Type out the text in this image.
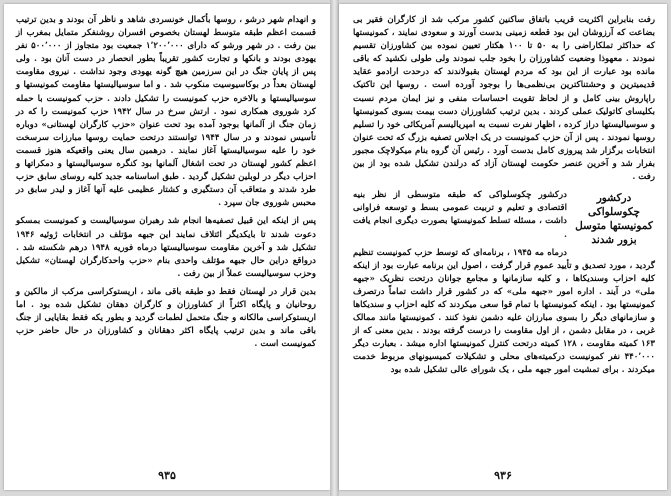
و انهدام شهر درشو ، روسها بأکمال خونسردی شاهد و ناظر آن بودند و بدین ترتیب قسمت اعظم طبقه متوسط لهستان بخصوص افسران روشنفکر متمایل بمغرب از بین رفت . در شهر ورشو که دارای ۱٬۲۰۰٬۰۰۰ جمعیت بود متجاوز از ۵۰۰٬۰۰۰ نفر یهودی بودند و بانکها و تجارت کشور تقریباً بطور انحصار در دست آنان بود . ولی پس از پایان جنگ در این سرزمین هیچ گونه یهودی وجود نداشت . نیروی مقاومت لهستان بعداً در بوکاسیوسیت منکوب شد . و اما سوسیالیستها مقاومت کمونیستها و سوسیالیستها و بالاخره حزب کمونیست را تشکیل دادند . حزب کمونیست با حمله کرد شوروی همکاری نمود . ارتش سرخ در سال ۱۹۴۲ حزب کمونیست را که در زمان جنگ از آلمانها بوجود آمده بود تحت عنوان «حزب کارگران لهستانی» دوباره تأسیس نمودند و در سال ۱۹۴۴ توانستند درتحت حمایت روسها مبارزات سرسخت خود را علیه سوسیالیستها آغاز نمایند . درهمین سال یعنی واقعیکه هنوز قسمت اعظم کشور لهستان در تحت اشغال آلمانها بود کنگره سوسیالیستها و دمکراتها و احزاب دیگر در لوبلین تشکیل گردید . طبق اساسنامه جدید کلیه روسای سابق حزب طرد شدند و متعاقب آن دستگیری و کشتار عظیمی علیه آنها آغاز و لیدر سابق در محبس شوروی جان سپرد .

پس از اینکه این قبیل تصفیه‌ها انجام شد رهبران سوسیالیست و کمونیست بمسکو دعوت شدند تا بایکدیگر ائتلاف نمایند این جبهه مؤتلف در انتخابات ژوئیه ۱۹۴۶ تشکیل شد و آخرین مقاومت سوسیالیستها درماه فوریه ۱۹۴۸ درهم شکسته شد . درواقع دراین حال جبهه مؤتلف واحدی بنام «حزب واحدکارگران لهستان» تشکیل وحزب سوسیالیست عملاً از بین رفت .

بدین قرار در لهستان فقط دو طبقه باقی ماند ، اریستوکراسی مرکب از مالکین و روحانیان و پایگاه اکثراً از کشاورزان و کارگران دهقان تشکیل شده بود . اما اریستوکراسی مالکانه و جنگ متحمل لطمات گردید و بطور یکه فقط بقایایی از جنگ باقی ماند و بدین ترتیب پایگاه اکثر دهقانان و کشاورزان در حال حاضر حزب کمونیست است .

۹۳۵

رفت بنابراین اکثریت قریب باتفاق ساکنین کشور مرکب شد از کارگران فقیر بی بضاعت که آرزوشان این بود قطعه زمینی بدست آورند و سعودی نمایند ، کمونیستها که حداکثر تملکاراضی را به ۵۰ تا ۱۰۰ هکتار تعیین نموده بین کشاورزان تقسیم نمودند . معهوذا وضعیت کشاورزان را بخود جلب نمودند ولی طولی نکشید که باقی مانده بود عبارت از این بود که مردم لهستان بقبولاندند که درحدت ارادمو عقاید قدیمیترین و وحشتناکترین بی‌نظمی‌ها را بوجود آورده است . روسها این تاکتیک راپاروش بینی کامل و از لحاظ تقویت احساسات منفی و نیز ایمان مردم نسبت بکلیسای کاتولیک عملی کردند . بدین ترتیب کشاورزان دست بیمت بسوی کمونیستها و سوسیالیستها دراز کرده ، اظهار نفرت نسبت به امپریالیسم آمریکائی خود را تسلیم روسها نمودند . پس از آن حزب کمونیست در یک اجلاس تصفیه بزرگ که تحت عنوان انتخابات برگزار شد پیروزی کامل بدست آورد . رئیس آن گروه بنام میکولاچک مجبور بفرار شد و آخرین عنصر حکومت لهستان آزاد که درلندن تشکیل شده بود از بین رفت .

درکشور چکوسلواکی کمونیستها متوسل بزور شدند
درکشور چکوسلواکی که طبقه متوسطی از نظر بنیه اقتصادی و تعلیم و تربیت عمومی بسط و توسعه فراوانی داشت ، مسئله تسلط کمونیستها بصورت دیگری انجام یافت .

درماه مه ۱۹۴۵ ، برنامه‌ای که توسط حزب کمونیست تنظیم گردید ، مورد تصدیق و تأیید عموم قرار گرفت ، اصول این برنامه عبارت بود از اینکه کلیه احزاب وسندیکاها ، و کلیه سازمانها و مجامع جوانان درتحت نظریک «جبهه ملی» در آیند . اداره امور «جبهه ملی» که در کشور قرار داشت تماماً درتصرف کمونیستها بود . اینکه کمونیستها با تمام قوا سعی میکردند که کلیه احزاب و سندیکاها و سازمانهای دیگر را بسوی مبارزان علیه دشمن نفوذ کنند . کمونیستها مانند ممالک غربی ، در مقابل دشمن ، از اول مقاومت را درست گرفته بودند . بدین معنی که از ۱۶۳ کمیته مقاومت ، ۱۲۸ کمیته درتحت کنترل کمونیستها اداره میشد . بعبارت دیگر ۴۴۰٬۰۰۰ نفر کمونیست درکمیته‌های محلی و تشکیلات کمیسیونهای مربوط خدمت میکردند . برای تمشیت امور جبهه ملی ، یک شورای عالی تشکیل شده بود

۹۳۶
